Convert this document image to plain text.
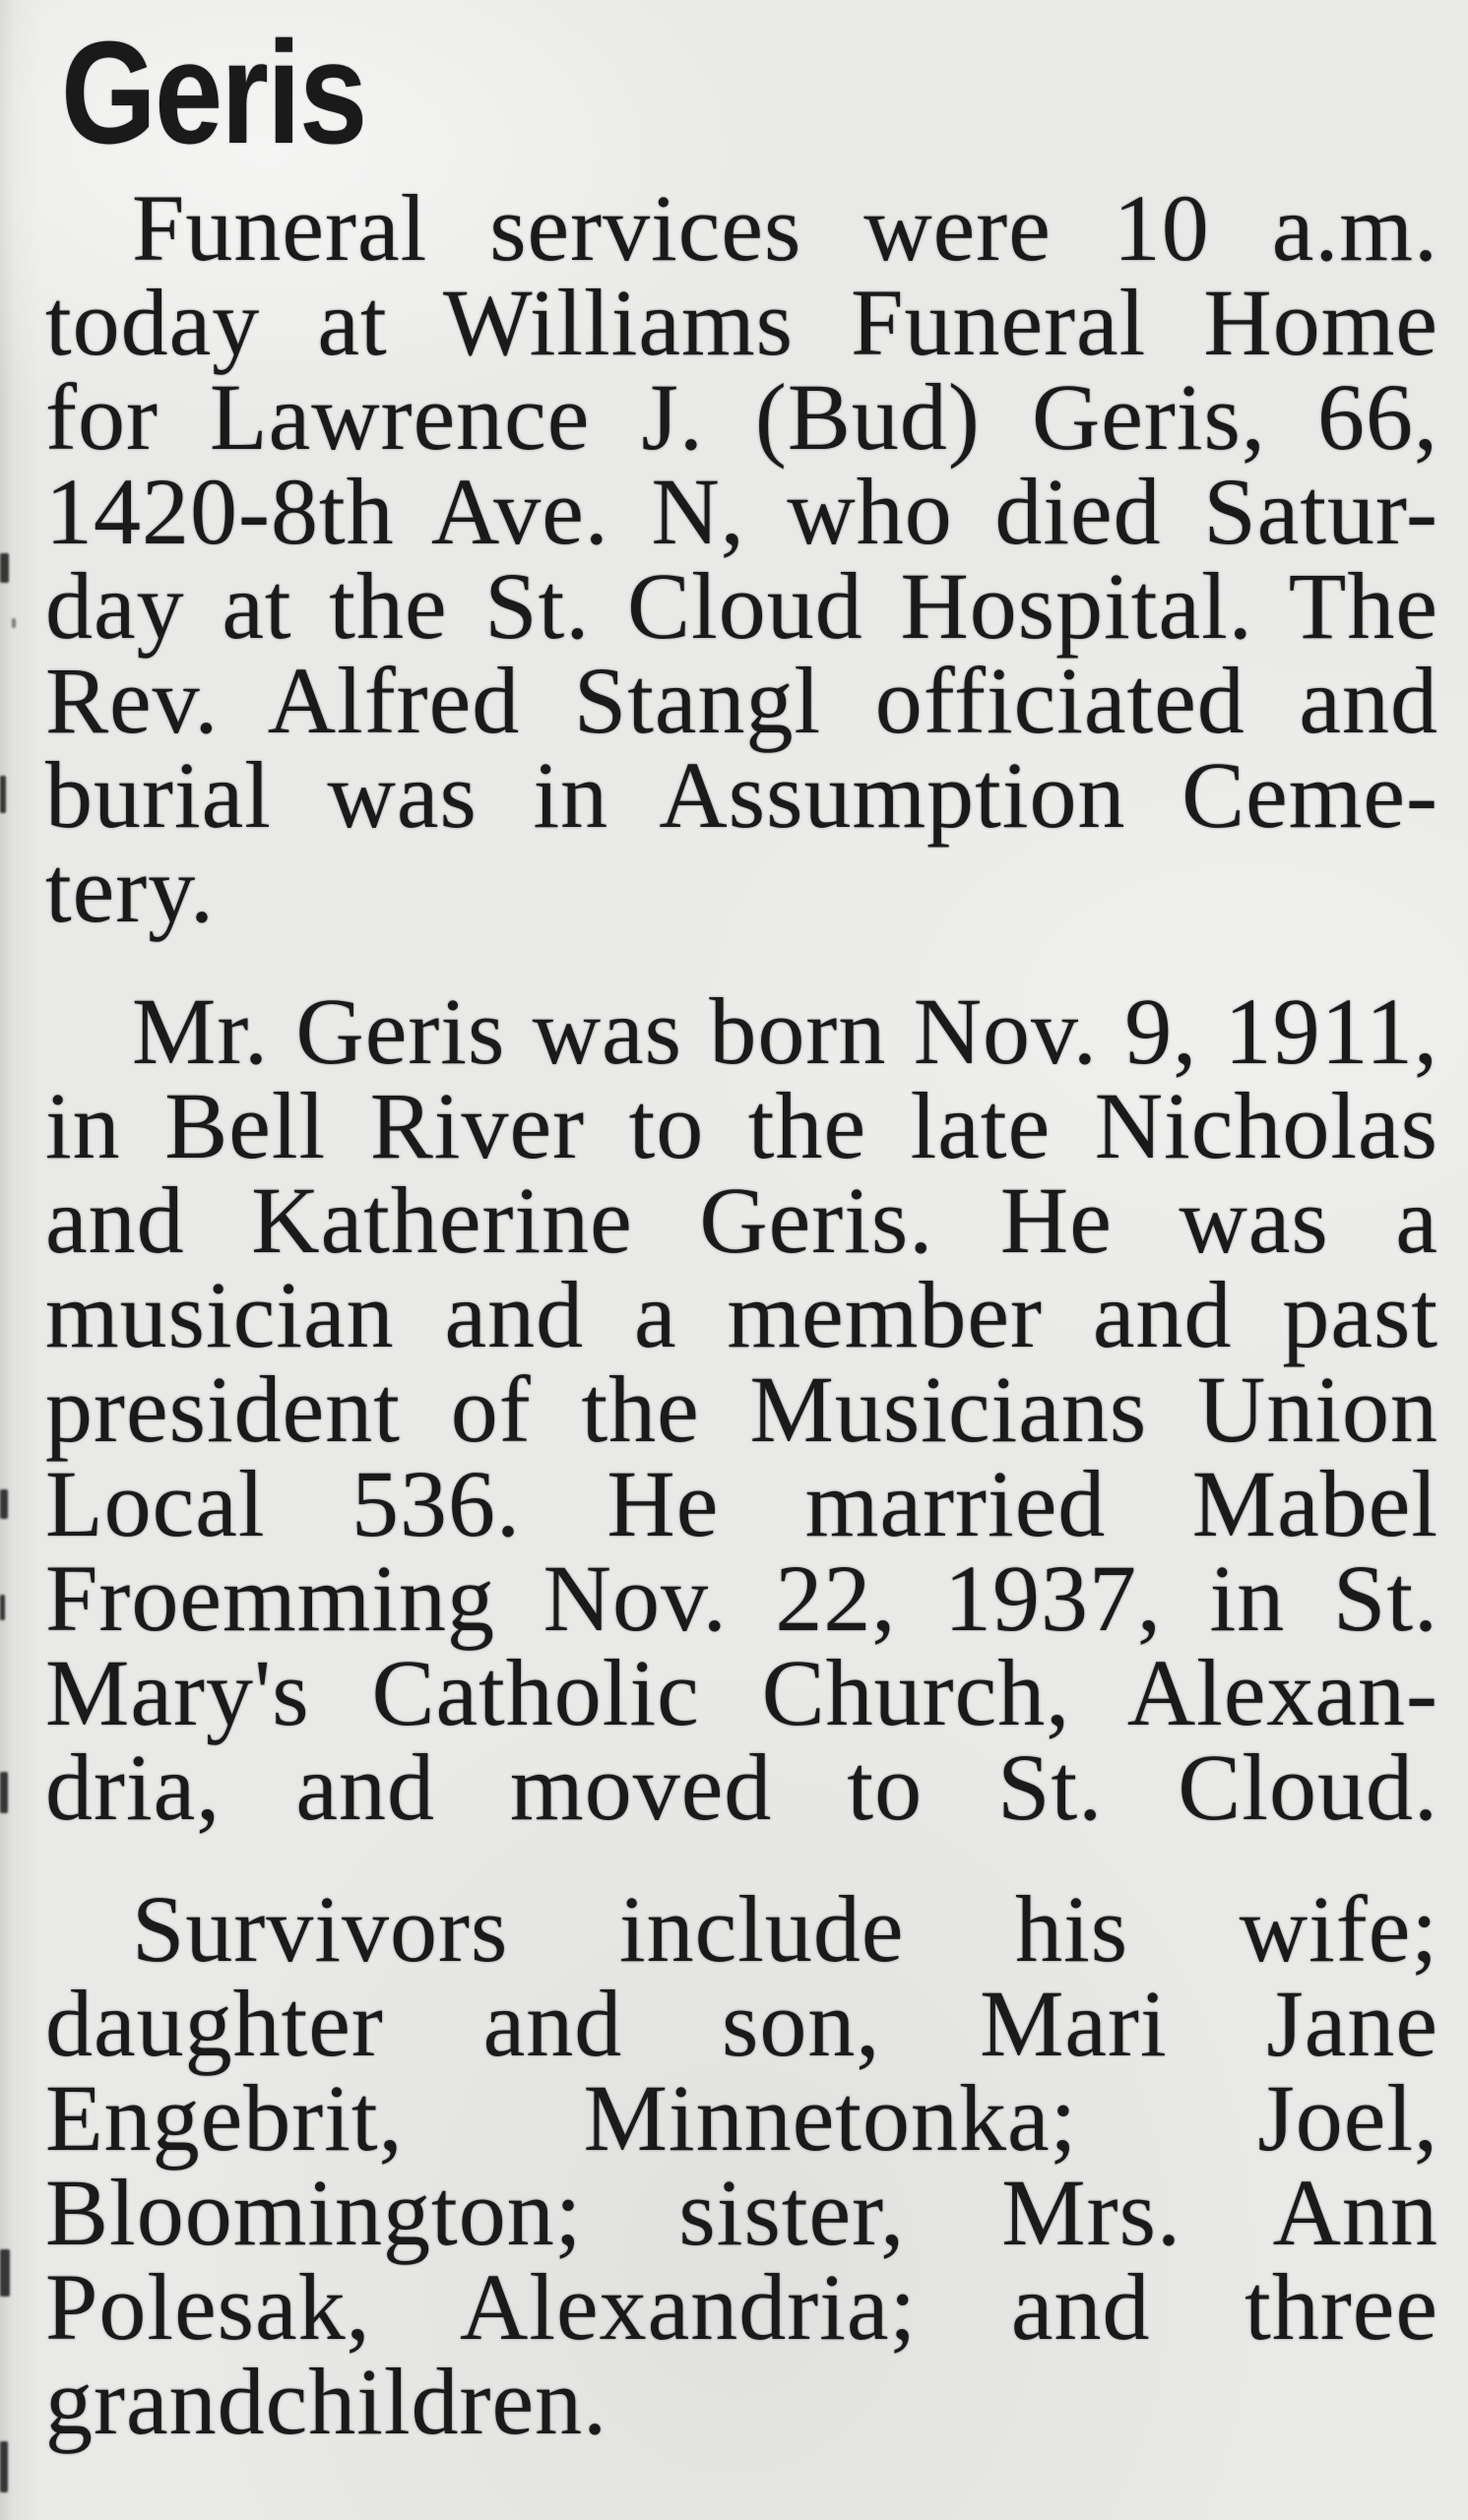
Geris

Funeral services were 10 a.m.
today at Williams Funeral Home
for Lawrence J. (Bud) Geris, 66,
1420-8th Ave. N, who died Satur-
day at the St. Cloud Hospital. The
Rev. Alfred Stangl officiated and
burial was in Assumption Ceme-
tery.

Mr. Geris was born Nov. 9, 1911,
in Bell River to the late Nicholas
and Katherine Geris. He was a
musician and a member and past
president of the Musicians Union
Local 536. He married Mabel
Froemming Nov. 22, 1937, in St.
Mary's Catholic Church, Alexan-
dria, and moved to St. Cloud.

Survivors include his wife;
daughter and son, Mari Jane
Engebrit, Minnetonka; Joel,
Bloomington; sister, Mrs. Ann
Polesak, Alexandria; and three
grandchildren.
